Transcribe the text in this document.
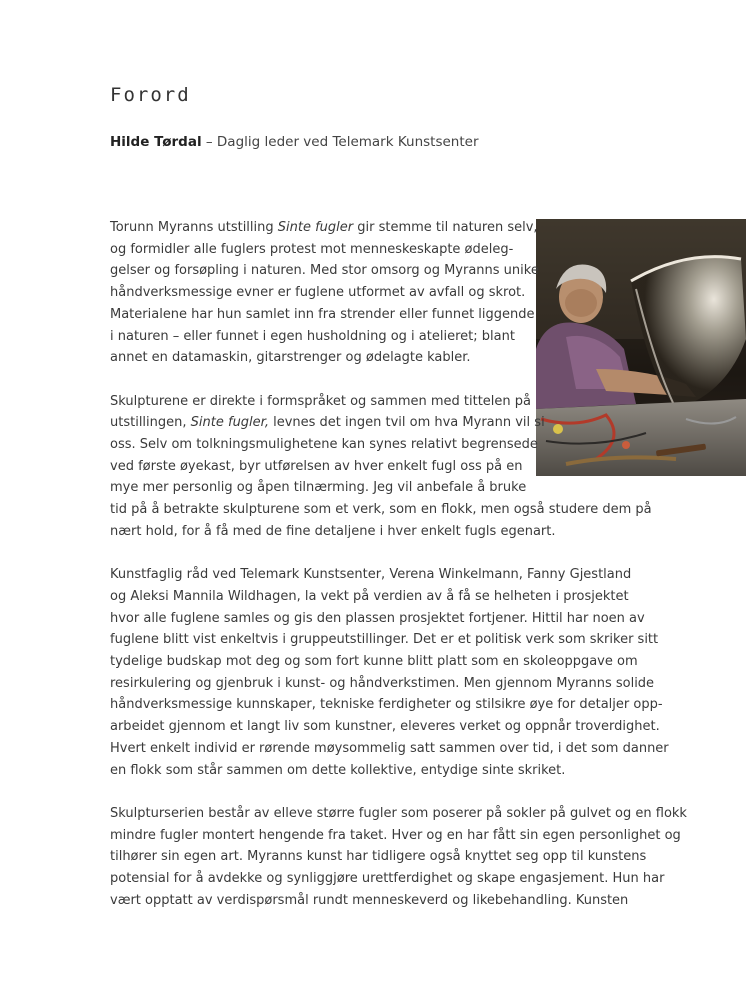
Forord
Hilde Tørdal – Daglig leder ved Telemark Kunstsenter

Torunn Myranns utstilling Sinte fugler gir stemme til naturen selv,
og formidler alle fuglers protest mot menneskeskapte ødeleg-
gelser og forsøpling i naturen. Med stor omsorg og Myranns unike
håndverksmessige evner er fuglene utformet av avfall og skrot.
Materialene har hun samlet inn fra strender eller funnet liggende
i naturen – eller funnet i egen husholdning og i atelieret; blant
annet en datamaskin, gitarstrenger og ødelagte kabler.

Skulpturene er direkte i formspråket og sammen med tittelen på
utstillingen, Sinte fugler, levnes det ingen tvil om hva Myrann vil si
oss. Selv om tolkningsmulighetene kan synes relativt begrensede
ved første øyekast, byr utførelsen av hver enkelt fugl oss på en
mye mer personlig og åpen tilnærming. Jeg vil anbefale å bruke
tid på å betrakte skulpturene som et verk, som en flokk, men også studere dem på
nært hold, for å få med de fine detaljene i hver enkelt fugls egenart.

Kunstfaglig råd ved Telemark Kunstsenter, Verena Winkelmann, Fanny Gjestland
og Aleksi Mannila Wildhagen, la vekt på verdien av å få se helheten i prosjektet
hvor alle fuglene samles og gis den plassen prosjektet fortjener. Hittil har noen av
fuglene blitt vist enkeltvis i gruppeutstillinger. Det er et politisk verk som skriker sitt
tydelige budskap mot deg og som fort kunne blitt platt som en skoleoppgave om
resirkulering og gjenbruk i kunst- og håndverkstimen. Men gjennom Myranns solide
håndverksmessige kunnskaper, tekniske ferdigheter og stilsikre øye for detaljer opp-
arbeidet gjennom et langt liv som kunstner, eleveres verket og oppnår troverdighet.
Hvert enkelt individ er rørende møysommelig satt sammen over tid, i det som danner
en flokk som står sammen om dette kollektive, entydige sinte skriket.

Skulpturserien består av elleve større fugler som poserer på sokler på gulvet og en flokk
mindre fugler montert hengende fra taket. Hver og en har fått sin egen personlighet og
tilhører sin egen art. Myranns kunst har tidligere også knyttet seg opp til kunstens
potensial for å avdekke og synliggjøre urettferdighet og skape engasjement. Hun har
vært opptatt av verdispørsmål rundt menneskeverd og likebehandling. Kunsten
